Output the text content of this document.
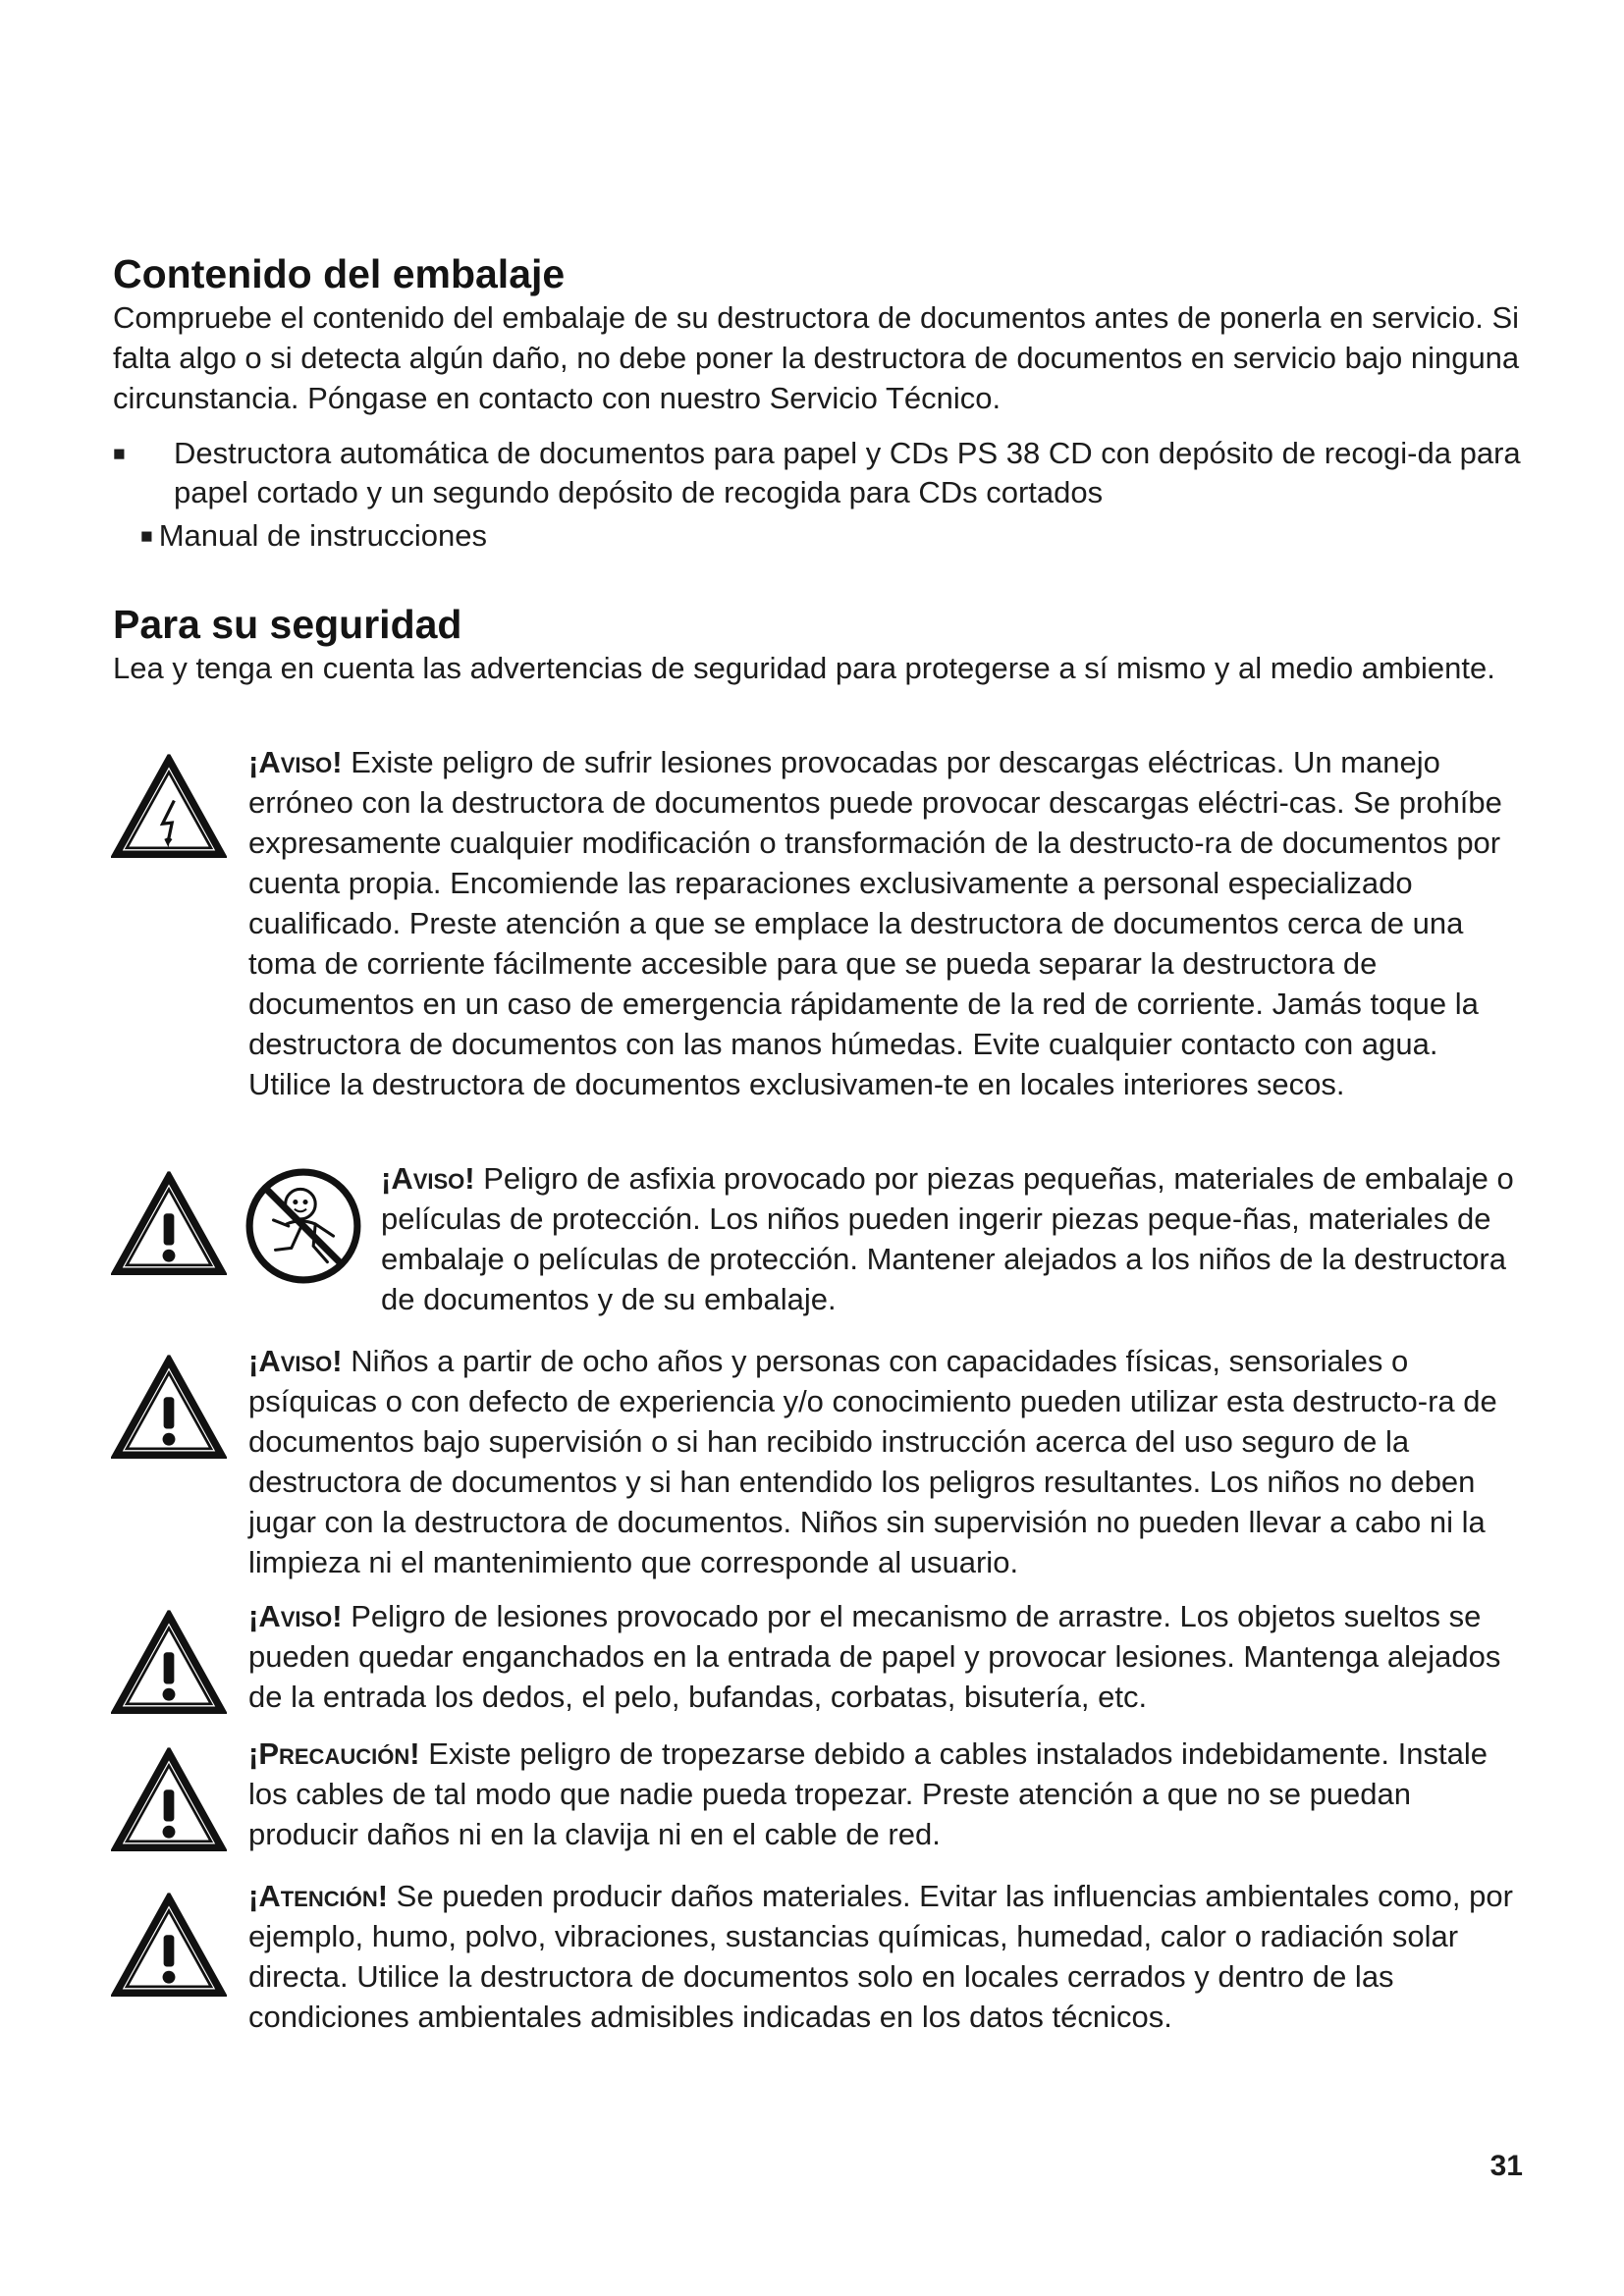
Contenido del embalaje

Compruebe el contenido del embalaje de su destructora de documentos antes de ponerla en servicio. Si falta algo o si detecta algún daño, no debe poner la destructora de documentos en servicio bajo ninguna circunstancia. Póngase en contacto con nuestro Servicio Técnico.

■ Destructora automática de documentos para papel y CDs PS 38 CD con depósito de recogi-da para papel cortado y un segundo depósito de recogida para CDs cortados
■ Manual de instrucciones
Para su seguridad

Lea y tenga en cuenta las advertencias de seguridad para protegerse a sí mismo y al medio ambiente.

¡Aviso! Existe peligro de sufrir lesiones provocadas por descargas eléctricas. Un manejo erróneo con la destructora de documentos puede provocar descargas eléctri-cas. Se prohíbe expresamente cualquier modificación o transformación de la destructo-ra de documentos por cuenta propia. Encomiende las reparaciones exclusivamente a personal especializado cualificado. Preste atención a que se emplace la destructora de documentos cerca de una toma de corriente fácilmente accesible para que se pueda separar la destructora de documentos en un caso de emergencia rápidamente de la red de corriente. Jamás toque la destructora de documentos con las manos húmedas. Evite cualquier contacto con agua. Utilice la destructora de documentos exclusivamen-te en locales interiores secos.

¡Aviso! Peligro de asfixia provocado por piezas pequeñas, materiales de embalaje o películas de protección. Los niños pueden ingerir piezas peque-ñas, materiales de embalaje o películas de protección. Mantener alejados a los niños de la destructora de documentos y de su embalaje.

¡Aviso! Niños a partir de ocho años y personas con capacidades físicas, sensoriales o psíquicas o con defecto de experiencia y/o conocimiento pueden utilizar esta destructo-ra de documentos bajo supervisión o si han recibido instrucción acerca del uso seguro de la destructora de documentos y si han entendido los peligros resultantes. Los niños no deben jugar con la destructora de documentos. Niños sin supervisión no pueden llevar a cabo ni la limpieza ni el mantenimiento que corresponde al usuario.

¡Aviso! Peligro de lesiones provocado por el mecanismo de arrastre. Los objetos sueltos se pueden quedar enganchados en la entrada de papel y provocar lesiones. Mantenga alejados de la entrada los dedos, el pelo, bufandas, corbatas, bisutería, etc.

¡Precaución! Existe peligro de tropezarse debido a cables instalados indebidamente. Instale los cables de tal modo que nadie pueda tropezar. Preste atención a que no se puedan producir daños ni en la clavija ni en el cable de red.

¡Atención! Se pueden producir daños materiales. Evitar las influencias ambientales como, por ejemplo, humo, polvo, vibraciones, sustancias químicas, humedad, calor o radiación solar directa. Utilice la destructora de documentos solo en locales cerrados y dentro de las condiciones ambientales admisibles indicadas en los datos técnicos.

31
